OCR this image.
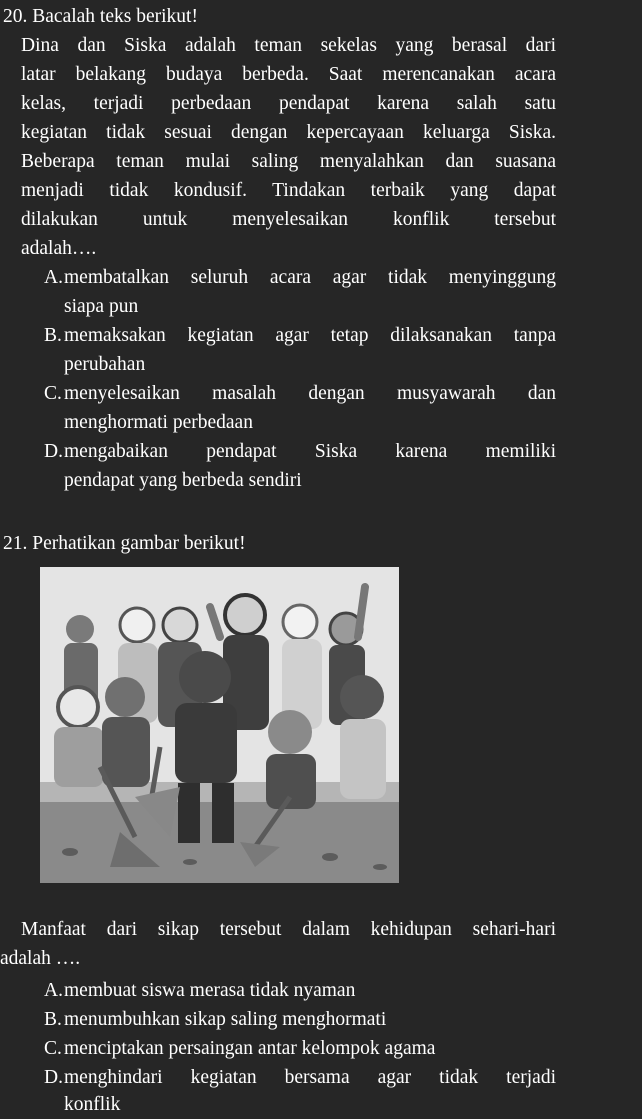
20. Bacalah teks berikut!
Dina dan Siska adalah teman sekelas yang berasal dari
latar belakang budaya berbeda. Saat merencanakan acara
kelas, terjadi perbedaan pendapat karena salah satu
kegiatan tidak sesuai dengan kepercayaan keluarga Siska.
Beberapa teman mulai saling menyalahkan dan suasana
menjadi tidak kondusif. Tindakan terbaik yang dapat
dilakukan untuk menyelesaikan konflik tersebut
adalah….
A. membatalkan seluruh acara agar tidak menyinggung
siapa pun
B. memaksakan kegiatan agar tetap dilaksanakan tanpa
perubahan
C. menyelesaikan masalah dengan musyawarah dan
menghormati perbedaan
D. mengabaikan pendapat Siska karena memiliki
pendapat yang berbeda sendiri
21. Perhatikan gambar berikut!
Manfaat dari sikap tersebut dalam kehidupan sehari-hari
adalah ….
A. membuat siswa merasa tidak nyaman
B. menumbuhkan sikap saling menghormati
C. menciptakan persaingan antar kelompok agama
D. menghindari kegiatan bersama agar tidak terjadi
konflik
